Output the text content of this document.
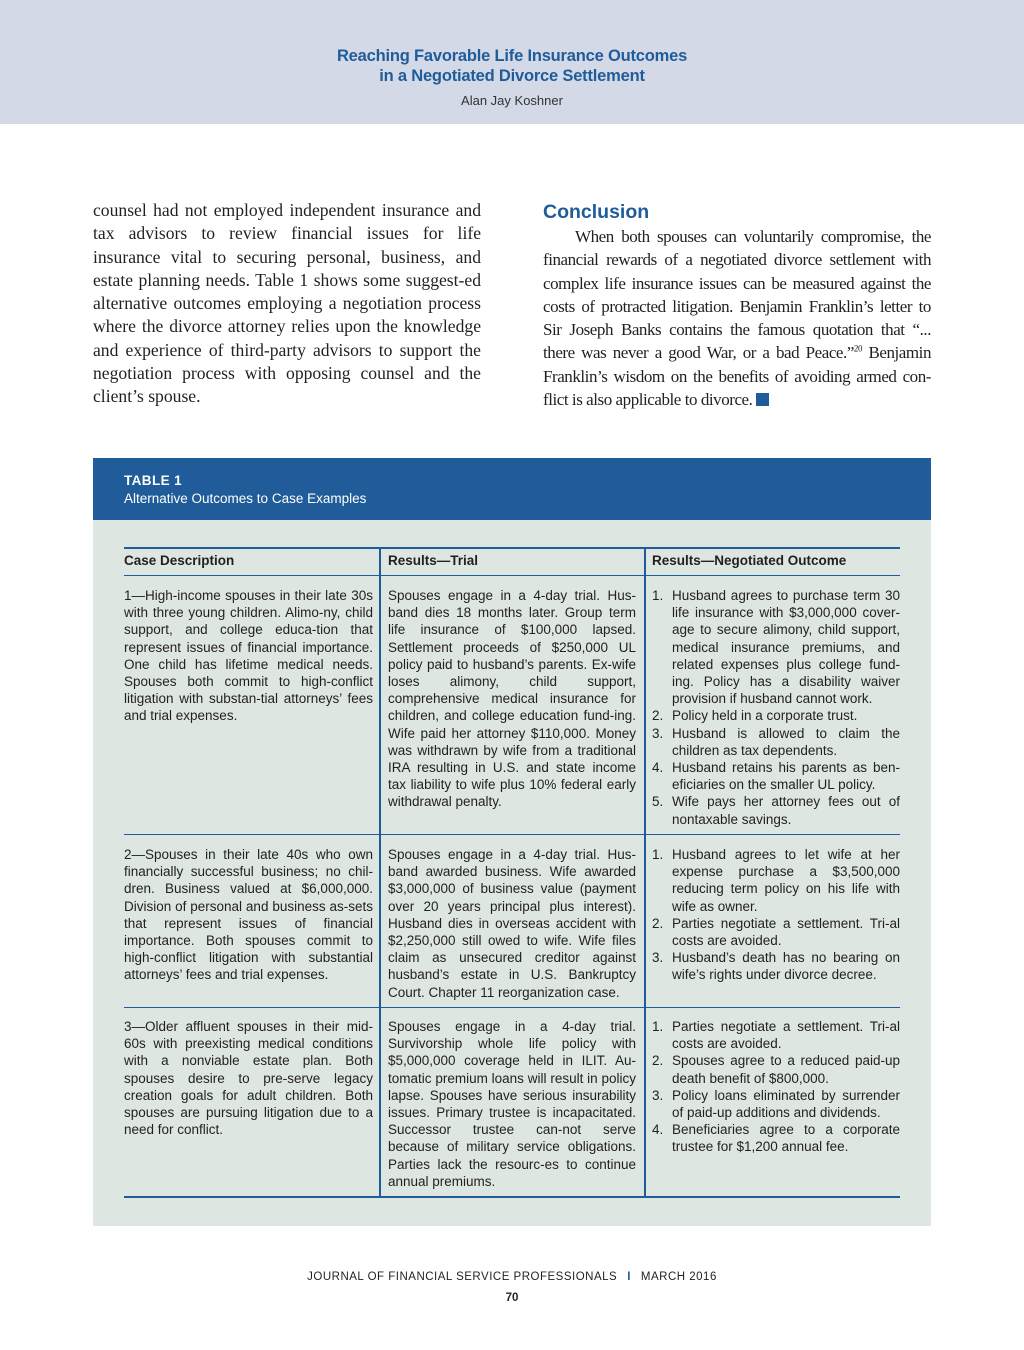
Reaching Favorable Life Insurance Outcomes
in a Negotiated Divorce Settlement
Alan Jay Koshner

counsel had not employed independent insurance and tax advisors to review financial issues for life insurance vital to securing personal, business, and estate planning needs. Table 1 shows some suggest-ed alternative outcomes employing a negotiation process where the divorce attorney relies upon the knowledge and experience of third-party advisors to support the negotiation process with opposing counsel and the client’s spouse.

Conclusion

When both spouses can voluntarily compromise, the financial rewards of a negotiated divorce settlement with complex life insurance issues can be measured against the costs of protracted litigation. Benjamin Franklin’s letter to Sir Joseph Banks contains the famous quotation that “... there was never a good War, or a bad Peace.”$^{20}$ Benjamin Franklin’s wisdom on the benefits of avoiding armed con-flict is also applicable to divorce.

TABLE 1
Alternative Outcomes to Case Examples
Case Description	Results—Trial	Results—Negotiated Outcome
1—High-income spouses in their late 30s with three young children. Alimo-ny, child support, and college educa-tion that represent issues of financial importance. One child has lifetime medical needs. Spouses both commit to high-conflict litigation with substan-tial attorneys’ fees and trial expenses.
Spouses engage in a 4-day trial. Hus-band dies 18 months later. Group term life insurance of $100,000 lapsed. Settlement proceeds of $250,000 UL policy paid to husband’s parents. Ex-wife loses alimony, child support, comprehensive medical insurance for children, and college education fund-ing. Wife paid her attorney $110,000. Money was withdrawn by wife from a traditional IRA resulting in U.S. and state income tax liability to wife plus 10% federal early withdrawal penalty.
1. Husband agrees to purchase term 30 life insurance with $3,000,000 cover-age to secure alimony, child support, medical insurance premiums, and related expenses plus college fund-ing. Policy has a disability waiver provision if husband cannot work.
2. Policy held in a corporate trust.
3. Husband is allowed to claim the children as tax dependents.
4. Husband retains his parents as ben-eficiaries on the smaller UL policy.
5. Wife pays her attorney fees out of nontaxable savings.
2—Spouses in their late 40s who own financially successful business; no chil-dren. Business valued at $6,000,000. Division of personal and business as-sets that represent issues of financial importance. Both spouses commit to high-conflict litigation with substantial attorneys’ fees and trial expenses.
Spouses engage in a 4-day trial. Hus-band awarded business. Wife awarded $3,000,000 of business value (payment over 20 years principal plus interest). Husband dies in overseas accident with $2,250,000 still owed to wife. Wife files claim as unsecured creditor against husband’s estate in U.S. Bankruptcy Court. Chapter 11 reorganization case.
1. Husband agrees to let wife at her expense purchase a $3,500,000 reducing term policy on his life with wife as owner.
2. Parties negotiate a settlement. Tri-al costs are avoided.
3. Husband’s death has no bearing on wife’s rights under divorce decree.
3—Older affluent spouses in their mid-60s with preexisting medical conditions with a nonviable estate plan. Both spouses desire to pre-serve legacy creation goals for adult children. Both spouses are pursuing litigation due to a need for conflict.
Spouses engage in a 4-day trial. Survivorship whole life policy with $5,000,000 coverage held in ILIT. Au-tomatic premium loans will result in policy lapse. Spouses have serious insurability issues. Primary trustee is incapacitated. Successor trustee can-not serve because of military service obligations. Parties lack the resourc-es to continue annual premiums.
1. Parties negotiate a settlement. Tri-al costs are avoided.
2. Spouses agree to a reduced paid-up death benefit of $800,000.
3. Policy loans eliminated by surrender of paid-up additions and dividends.
4. Beneficiaries agree to a corporate trustee for $1,200 annual fee.
JOURNAL OF FINANCIAL SERVICE PROFESSIONALS I MARCH 2016
70
